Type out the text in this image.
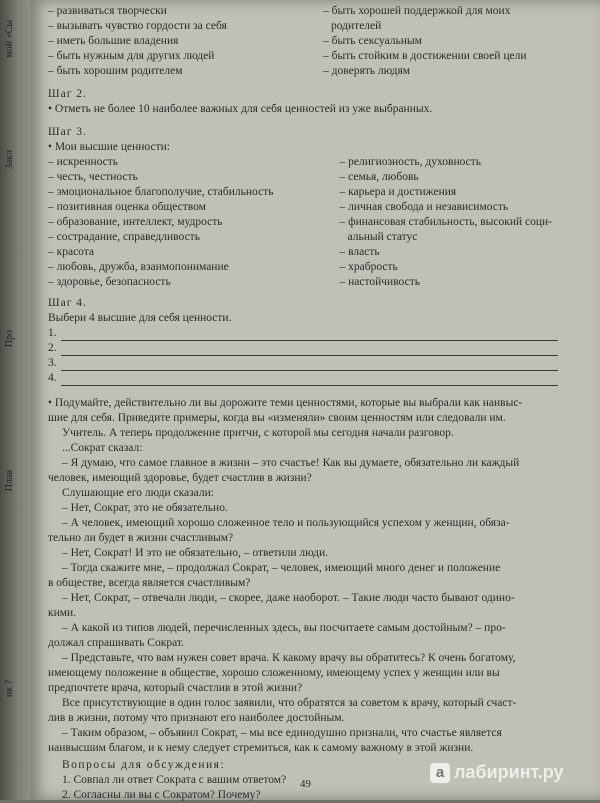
мой «Сы
Закл
Про
Плав
ик ?

– развиваться творчески

– вызывать чувство гордости за себя

– иметь большие владения

– быть нужным для других людей

– быть хорошим родителем

– быть хорошей поддержкой для моих

родителей

– быть сексуальным

– быть стойким в достижении своей цели

– доверять людям

Шаг 2.

• Отметь не более 10 наиболее важных для себя ценностей из уже выбранных.

Шаг 3.

• Мои высшие ценности:

– искренность

– честь, честность

– эмоциональное благополучие, стабильность

– позитивная оценка обществом

– образование, интеллект, мудрость

– сострадание, справедливость

– красота

– любовь, дружба, взаимопонимание

– здоровье, безопасность

– религиозность, духовность

– семья, любовь

– карьера и достижения

– личная свобода и независимость

– финансовая стабильность, высокий соци-

альный статус

– власть

– храбрость

– настойчивость

Шаг 4.

Выбери 4 высшие для себя ценности.

1.
2.
3.
4.

• Подумайте, действительно ли вы дорожите теми ценностями, которые вы выбрали как наивыс-

шие для себя. Приведите примеры, когда вы «изменяли» своим ценностям или следовали им.

Учитель. А теперь продолжение притчи, с которой мы сегодня начали разговор.

...Сократ сказал:

– Я думаю, что самое главное в жизни – это счастье! Как вы думаете, обязательно ли каждый

человек, имеющий здоровье, будет счастлив в жизни?

Слушающие его люди сказали:

– Нет, Сократ, это не обязательно.

– А человек, имеющий хорошо сложенное тело и пользующийся успехом у женщин, обяза-

тельно ли будет в жизни счастливым?

– Нет, Сократ! И это не обязательно, – ответили люди.

– Тогда скажите мне, – продолжал Сократ, – человек, имеющий много денег и положение

в обществе, всегда является счастливым?

– Нет, Сократ, – отвечали люди, – скорее, даже наоборот. – Такие люди часто бывают одино-

кими.

– А какой из типов людей, перечисленных здесь, вы посчитаете самым достойным? – про-

должал спрашивать Сократ.

– Представьте, что вам нужен совет врача. К какому врачу вы обратитесь? К очень богатому,

имеющему положение в обществе, хорошо сложенному, имеющему успех у женщин или вы

предпочтете врача, который счастлив в этой жизни?

Все присутствующие в один голос заявили, что обратятся за советом к врачу, который счаст-

лив в жизни, потому что признают его наиболее достойным.

– Таким образом, – объявил Сократ, – мы все единодушно признали, что счастье является

наивысшим благом, и к нему следует стремиться, как к самому важному в этой жизни.

Вопросы для обсуждения:

1. Совпал ли ответ Сократа с вашим ответом?

2. Согласны ли вы с Сократом? Почему?

49
а лабиринт.ру
